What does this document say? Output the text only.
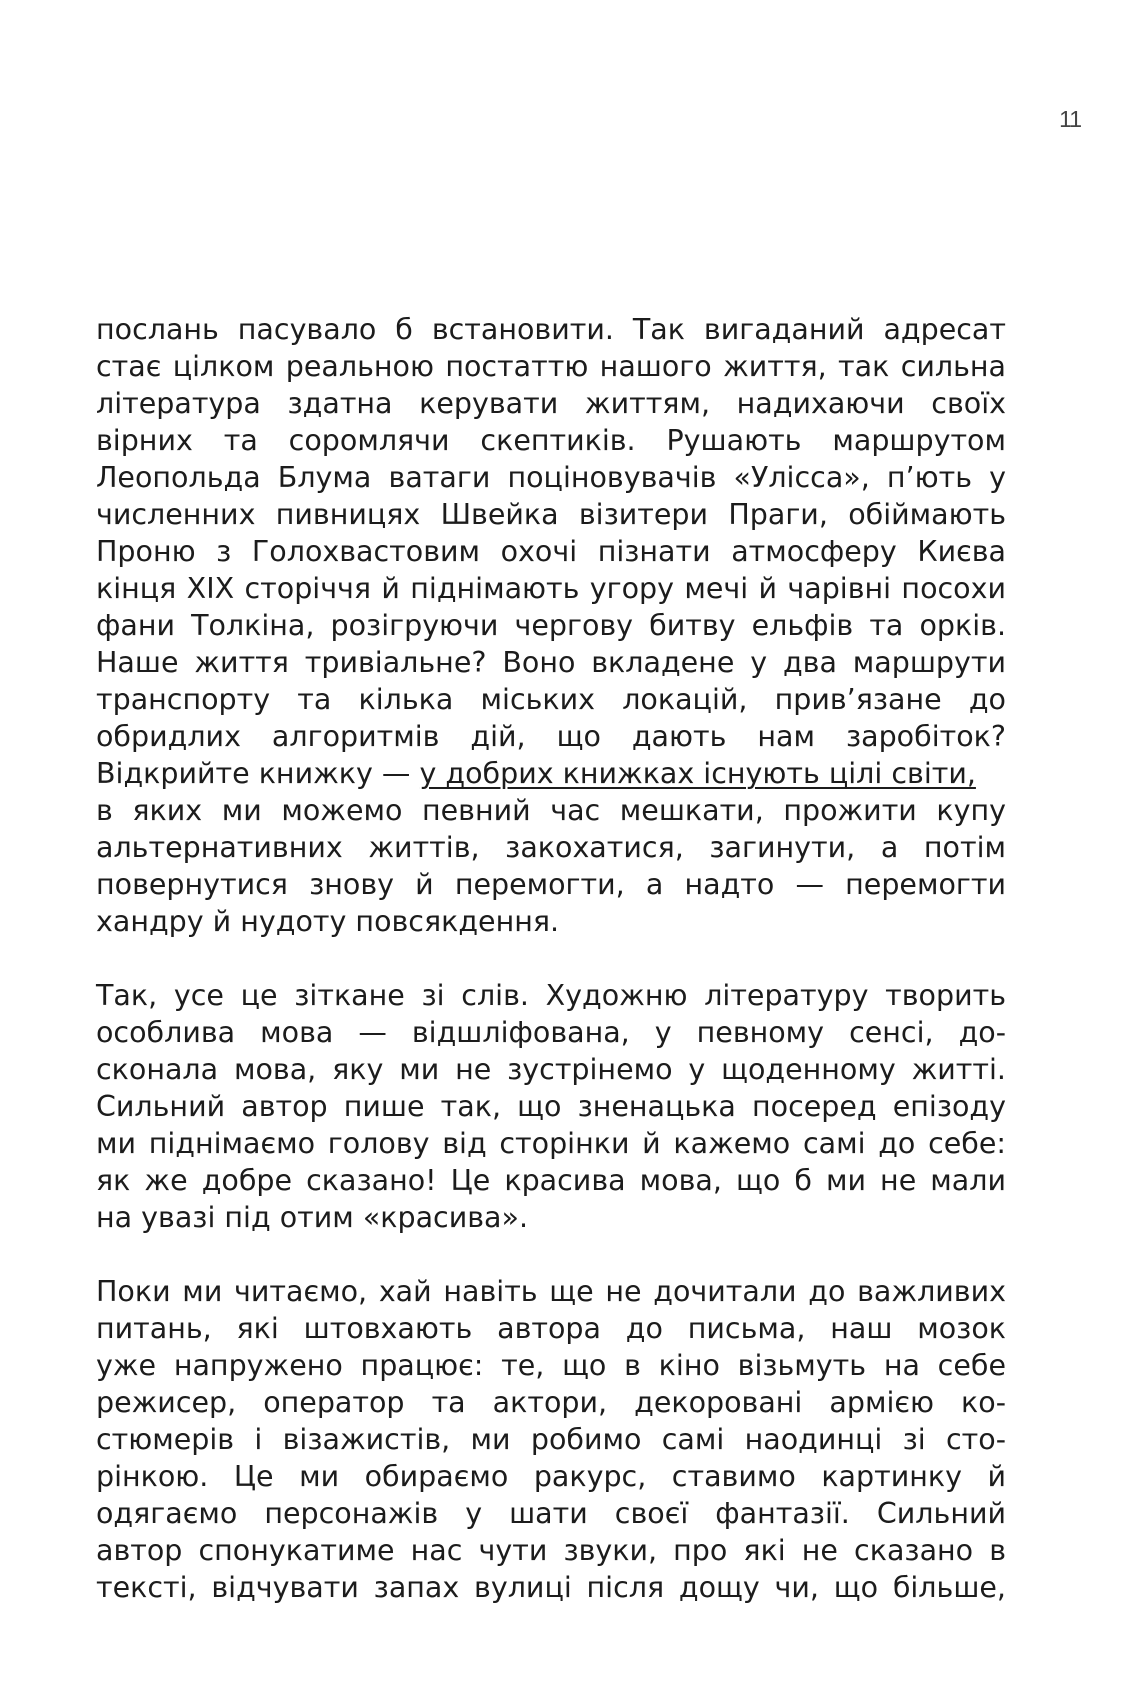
11
послань пасувало б встановити. Так вигаданий адресат
стає цілком реальною постаттю нашого життя, так сильна
література здатна керувати життям, надихаючи своїх
вірних та соромлячи скептиків. Рушають маршрутом
Леопольда Блума ватаги поціновувачів «Улісса», п’ють у
численних пивницях Швейка візитери Праги, обіймають
Проню з Голохвастовим охочі пізнати атмосферу Києва
кінця XIX сторіччя й піднімають угору мечі й чарівні посохи
фани Толкіна, розігруючи чергову битву ельфів та орків.
Наше життя тривіальне? Воно вкладене у два маршрути
транспорту та кілька міських локацій, прив’язане до
обридлих алгоритмів дій, що дають нам заробіток?
Відкрийте книжку — у добрих книжках існують цілі світи,
в яких ми можемо певний час мешкати, прожити купу
альтернативних життів, закохатися, загинути, а потім
повернутися знову й перемогти, а надто — перемогти
хандру й нудоту повсякдення.
Так, усе це зіткане зі слів. Художню літературу творить
особлива мова — відшліфована, у певному сенсі, до-
сконала мова, яку ми не зустрінемо у щоденному житті.
Сильний автор пише так, що зненацька посеред епізоду
ми піднімаємо голову від сторінки й кажемо самі до себе:
як же добре сказано! Це красива мова, що б ми не мали
на увазі під отим «красива».
Поки ми читаємо, хай навіть ще не дочитали до важливих
питань, які штовхають автора до письма, наш мозок
уже напружено працює: те, що в кіно візьмуть на себе
режисер, оператор та актори, декоровані армією ко-
стюмерів і візажистів, ми робимо самі наодинці зі сто-
рінкою. Це ми обираємо ракурс, ставимо картинку й
одягаємо персонажів у шати своєї фантазії. Сильний
автор спонукатиме нас чути звуки, про які не сказано в
тексті, відчувати запах вулиці після дощу чи, що більше,
